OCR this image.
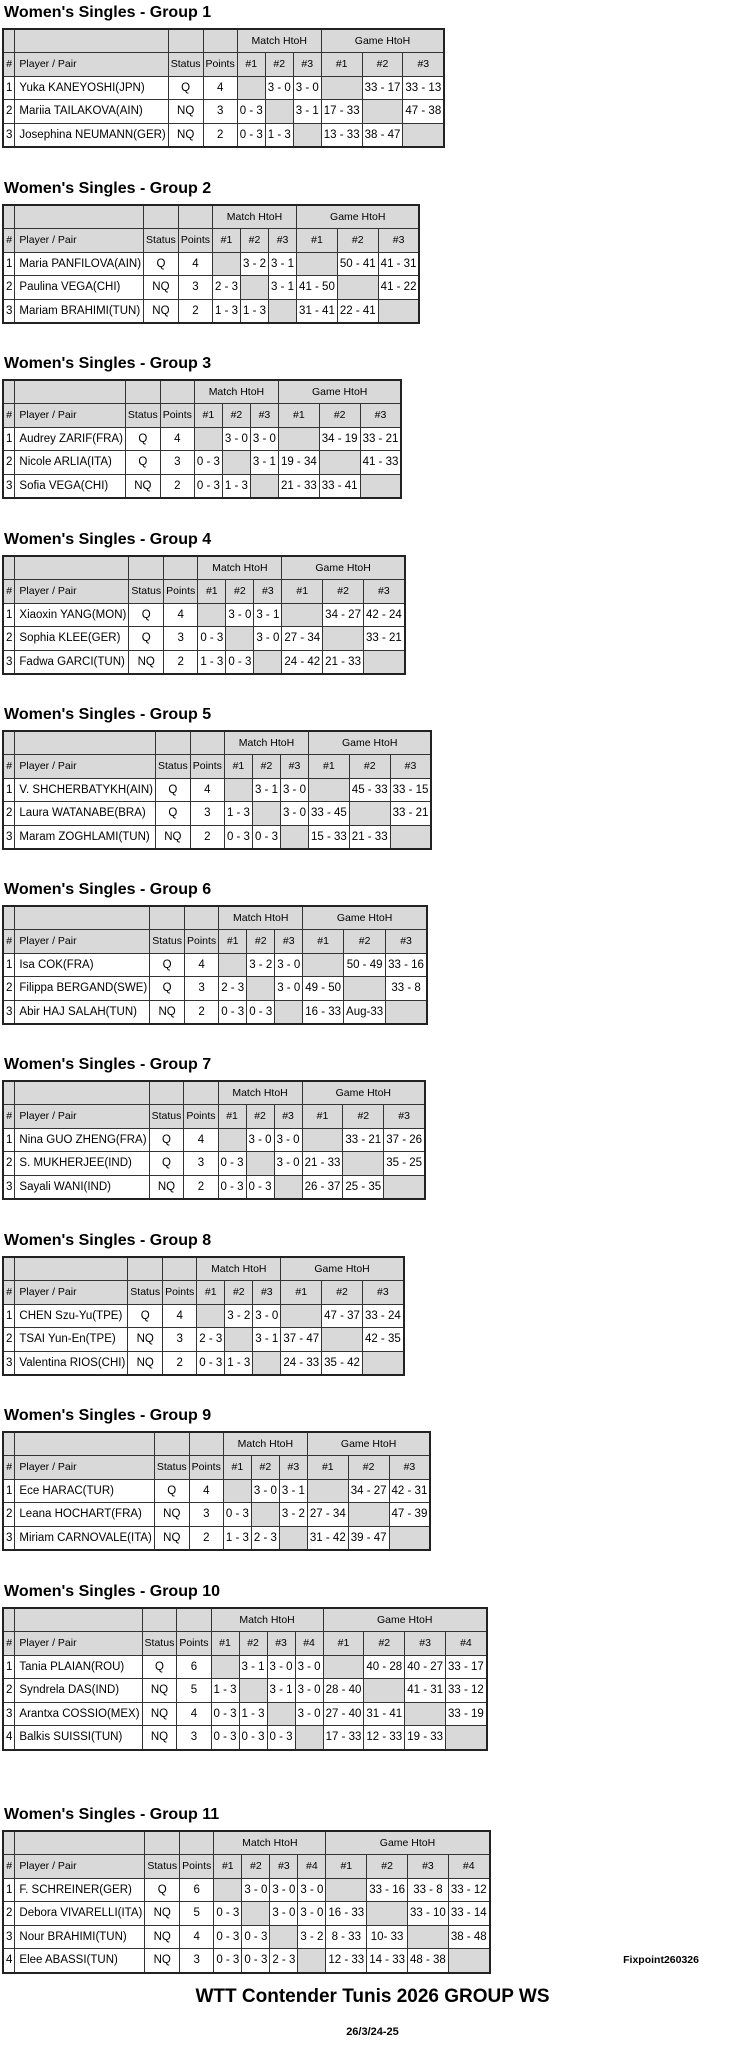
Women's Singles - Group 1
				Match HtoH			Game HtoH		
#	Player / Pair	Status	Points	#1	#2	#3	#1	#2	#3
1	Yuka KANEYOSHI(JPN)	Q	4		3 - 0	3 - 0		33 - 17	33 - 13
2	Mariia TAILAKOVA(AIN)	NQ	3	0 - 3		3 - 1	17 - 33		47 - 38
3	Josephina NEUMANN(GER)	NQ	2	0 - 3	1 - 3		13 - 33	38 - 47	
Women's Singles - Group 2
				Match HtoH			Game HtoH		
#	Player / Pair	Status	Points	#1	#2	#3	#1	#2	#3
1	Maria PANFILOVA(AIN)	Q	4		3 - 2	3 - 1		50 - 41	41 - 31
2	Paulina VEGA(CHI)	NQ	3	2 - 3		3 - 1	41 - 50		41 - 22
3	Mariam BRAHIMI(TUN)	NQ	2	1 - 3	1 - 3		31 - 41	22 - 41	
Women's Singles - Group 3
				Match HtoH			Game HtoH		
#	Player / Pair	Status	Points	#1	#2	#3	#1	#2	#3
1	Audrey ZARIF(FRA)	Q	4		3 - 0	3 - 0		34 - 19	33 - 21
2	Nicole ARLIA(ITA)	Q	3	0 - 3		3 - 1	19 - 34		41 - 33
3	Sofia VEGA(CHI)	NQ	2	0 - 3	1 - 3		21 - 33	33 - 41	
Women's Singles - Group 4
				Match HtoH			Game HtoH		
#	Player / Pair	Status	Points	#1	#2	#3	#1	#2	#3
1	Xiaoxin YANG(MON)	Q	4		3 - 0	3 - 1		34 - 27	42 - 24
2	Sophia KLEE(GER)	Q	3	0 - 3		3 - 0	27 - 34		33 - 21
3	Fadwa GARCI(TUN)	NQ	2	1 - 3	0 - 3		24 - 42	21 - 33	
Women's Singles - Group 5
				Match HtoH			Game HtoH		
#	Player / Pair	Status	Points	#1	#2	#3	#1	#2	#3
1	V. SHCHERBATYKH(AIN)	Q	4		3 - 1	3 - 0		45 - 33	33 - 15
2	Laura WATANABE(BRA)	Q	3	1 - 3		3 - 0	33 - 45		33 - 21
3	Maram ZOGHLAMI(TUN)	NQ	2	0 - 3	0 - 3		15 - 33	21 - 33	
Women's Singles - Group 6
				Match HtoH			Game HtoH		
#	Player / Pair	Status	Points	#1	#2	#3	#1	#2	#3
1	Isa COK(FRA)	Q	4		3 - 2	3 - 0		50 - 49	33 - 16
2	Filippa BERGAND(SWE)	Q	3	2 - 3		3 - 0	49 - 50		33 - 8
3	Abir HAJ SALAH(TUN)	NQ	2	0 - 3	0 - 3		16 - 33	Aug-33	
Women's Singles - Group 7
				Match HtoH			Game HtoH		
#	Player / Pair	Status	Points	#1	#2	#3	#1	#2	#3
1	Nina GUO ZHENG(FRA)	Q	4		3 - 0	3 - 0		33 - 21	37 - 26
2	S. MUKHERJEE(IND)	Q	3	0 - 3		3 - 0	21 - 33		35 - 25
3	Sayali WANI(IND)	NQ	2	0 - 3	0 - 3		26 - 37	25 - 35	
Women's Singles - Group 8
				Match HtoH			Game HtoH		
#	Player / Pair	Status	Points	#1	#2	#3	#1	#2	#3
1	CHEN Szu-Yu(TPE)	Q	4		3 - 2	3 - 0		47 - 37	33 - 24
2	TSAI Yun-En(TPE)	NQ	3	2 - 3		3 - 1	37 - 47		42 - 35
3	Valentina RIOS(CHI)	NQ	2	0 - 3	1 - 3		24 - 33	35 - 42	
Women's Singles - Group 9
				Match HtoH			Game HtoH		
#	Player / Pair	Status	Points	#1	#2	#3	#1	#2	#3
1	Ece HARAC(TUR)	Q	4		3 - 0	3 - 1		34 - 27	42 - 31
2	Leana HOCHART(FRA)	NQ	3	0 - 3		3 - 2	27 - 34		47 - 39
3	Miriam CARNOVALE(ITA)	NQ	2	1 - 3	2 - 3		31 - 42	39 - 47	
Women's Singles - Group 10
				Match HtoH				Game HtoH			
#	Player / Pair	Status	Points	#1	#2	#3	#4	#1	#2	#3	#4
1	Tania PLAIAN(ROU)	Q	6		3 - 1	3 - 0	3 - 0		40 - 28	40 - 27	33 - 17
2	Syndrela DAS(IND)	NQ	5	1 - 3		3 - 1	3 - 0	28 - 40		41 - 31	33 - 12
3	Arantxa COSSIO(MEX)	NQ	4	0 - 3	1 - 3		3 - 0	27 - 40	31 - 41		33 - 19
4	Balkis SUISSI(TUN)	NQ	3	0 - 3	0 - 3	0 - 3		17 - 33	12 - 33	19 - 33	
Women's Singles - Group 11
				Match HtoH				Game HtoH			
#	Player / Pair	Status	Points	#1	#2	#3	#4	#1	#2	#3	#4
1	F. SCHREINER(GER)	Q	6		3 - 0	3 - 0	3 - 0		33 - 16	33 - 8	33 - 12
2	Debora VIVARELLI(ITA)	NQ	5	0 - 3		3 - 0	3 - 0	16 - 33		33 - 10	33 - 14
3	Nour BRAHIMI(TUN)	NQ	4	0 - 3	0 - 3		3 - 2	8 - 33	10- 33		38 - 48
4	Elee ABASSI(TUN)	NQ	3	0 - 3	0 - 3	2 - 3		12 - 33	14 - 33	48 - 38		Fixpoint260326
WTT Contender Tunis 2026 GROUP WS
26/3/24-25
